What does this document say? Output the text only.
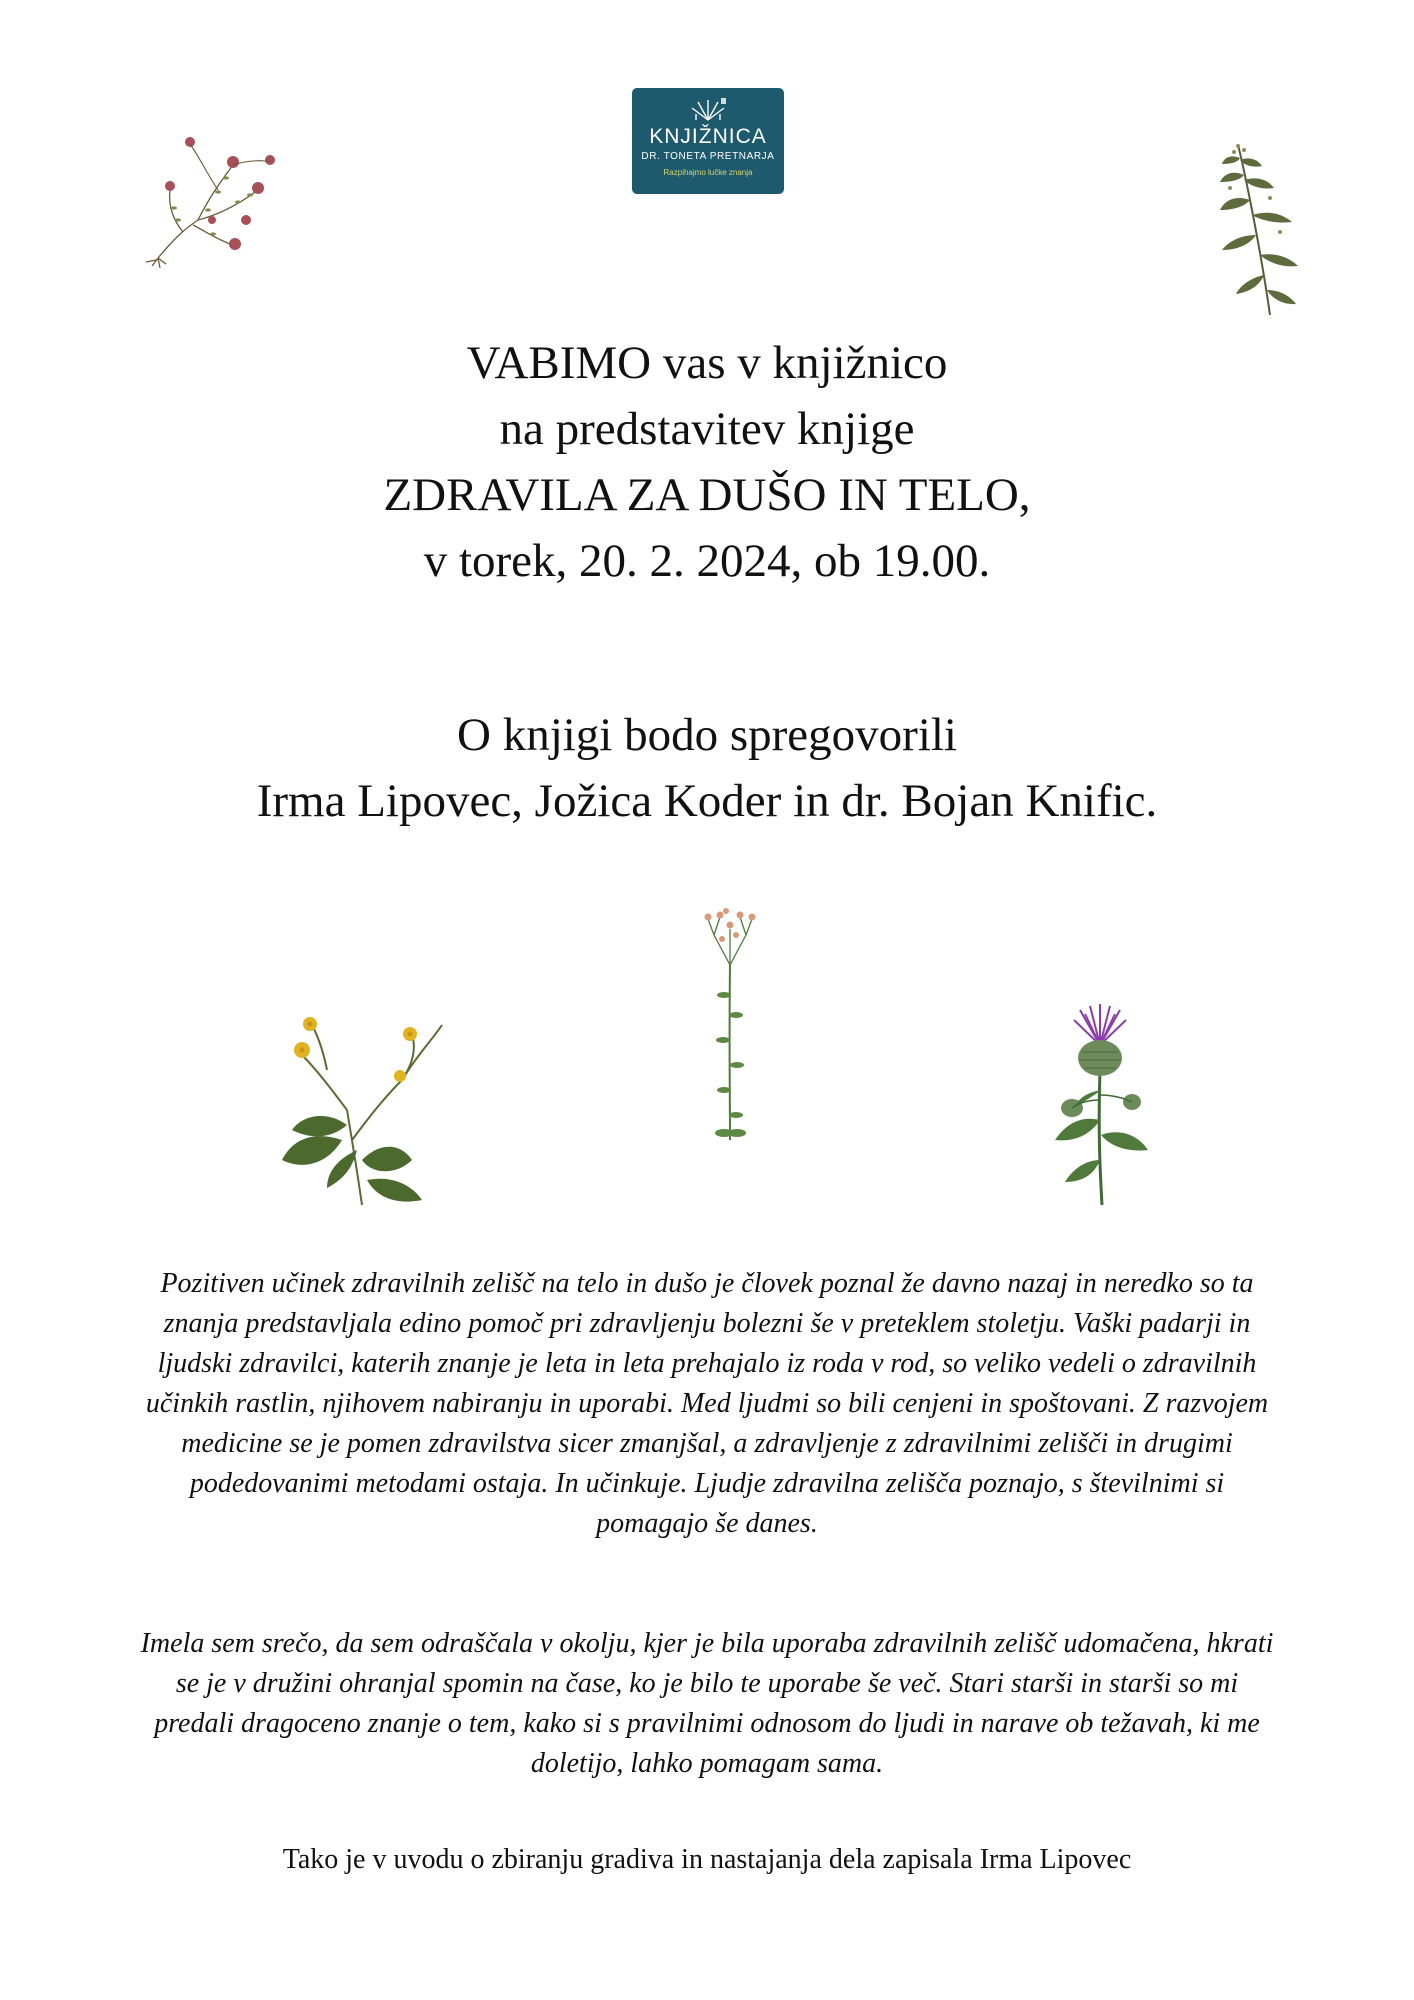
KNJIŽNICA
DR. TONETA PRETNARJA
Razpihajmo lučke znanja
VABIMO vas v knjižnico
na predstavitev knjige
ZDRAVILA ZA DUŠO IN TELO,
v torek, 20. 2. 2024, ob 19.00.
O knjigi bodo spregovorili
Irma Lipovec, Jožica Koder in dr. Bojan Knific.
Pozitiven učinek zdravilnih zelišč na telo in dušo je človek poznal že davno nazaj in neredko so ta
znanja predstavljala edino pomoč pri zdravljenju bolezni še v preteklem stoletju. Vaški padarji in
ljudski zdravilci, katerih znanje je leta in leta prehajalo iz roda v rod, so veliko vedeli o zdravilnih
učinkih rastlin, njihovem nabiranju in uporabi. Med ljudmi so bili cenjeni in spoštovani. Z razvojem
medicine se je pomen zdravilstva sicer zmanjšal, a zdravljenje z zdravilnimi zelišči in drugimi
podedovanimi metodami ostaja. In učinkuje. Ljudje zdravilna zelišča poznajo, s številnimi si
pomagajo še danes.
Imela sem srečo, da sem odraščala v okolju, kjer je bila uporaba zdravilnih zelišč udomačena, hkrati
se je v družini ohranjal spomin na čase, ko je bilo te uporabe še več. Stari starši in starši so mi
predali dragoceno znanje o tem, kako si s pravilnimi odnosom do ljudi in narave ob težavah, ki me
doletijo, lahko pomagam sama.
Tako je v uvodu o zbiranju gradiva in nastajanja dela zapisala Irma Lipovec
